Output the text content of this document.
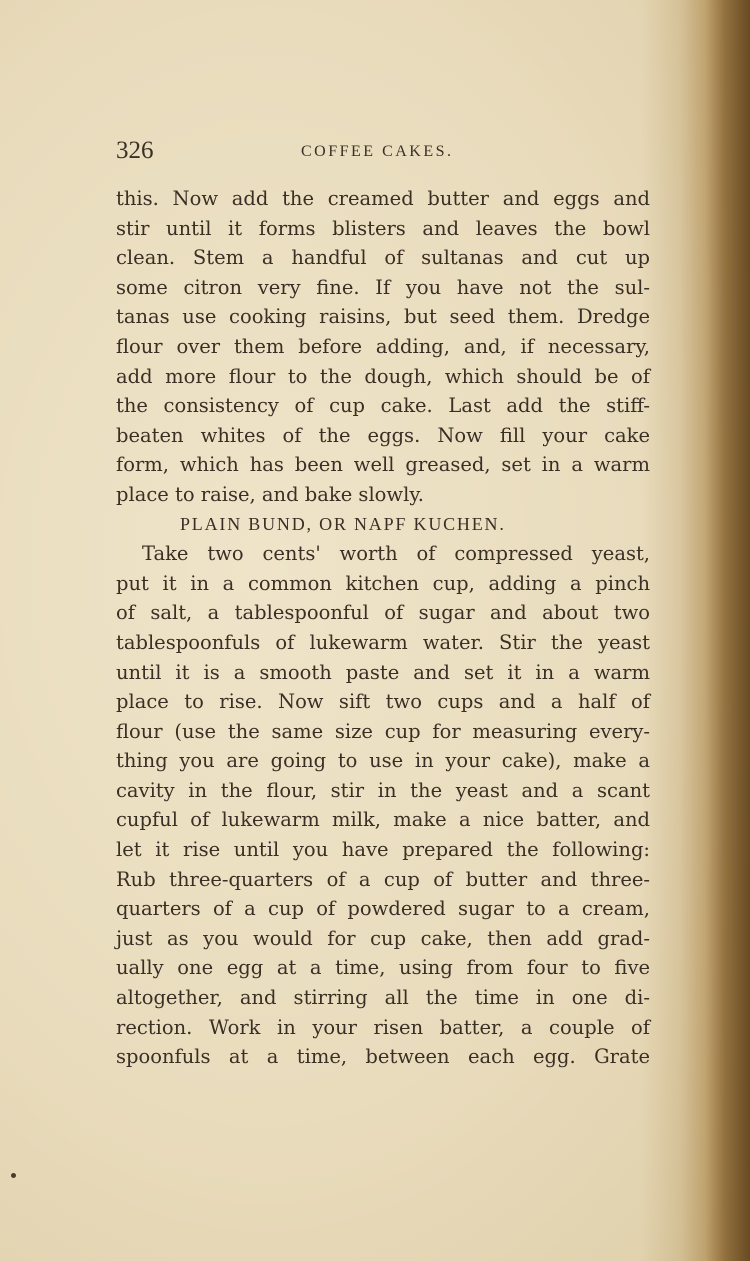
326	COFFEE CAKES.
this. Now add the creamed butter and eggs and
stir until it forms blisters and leaves the bowl
clean. Stem a handful of sultanas and cut up
some citron very fine. If you have not the sul-
tanas use cooking raisins, but seed them. Dredge
flour over them before adding, and, if necessary,
add more flour to the dough, which should be of
the consistency of cup cake. Last add the stiff-
beaten whites of the eggs. Now fill your cake
form, which has been well greased, set in a warm
place to raise, and bake slowly.
PLAIN BUND, OR NAPF KUCHEN.
Take two cents' worth of compressed yeast,
put it in a common kitchen cup, adding a pinch
of salt, a tablespoonful of sugar and about two
tablespoonfuls of lukewarm water. Stir the yeast
until it is a smooth paste and set it in a warm
place to rise. Now sift two cups and a half of
flour (use the same size cup for measuring every-
thing you are going to use in your cake), make a
cavity in the flour, stir in the yeast and a scant
cupful of lukewarm milk, make a nice batter, and
let it rise until you have prepared the following:
Rub three-quarters of a cup of butter and three-
quarters of a cup of powdered sugar to a cream,
just as you would for cup cake, then add grad-
ually one egg at a time, using from four to five
altogether, and stirring all the time in one di-
rection. Work in your risen batter, a couple of
spoonfuls at a time, between each egg. Grate
